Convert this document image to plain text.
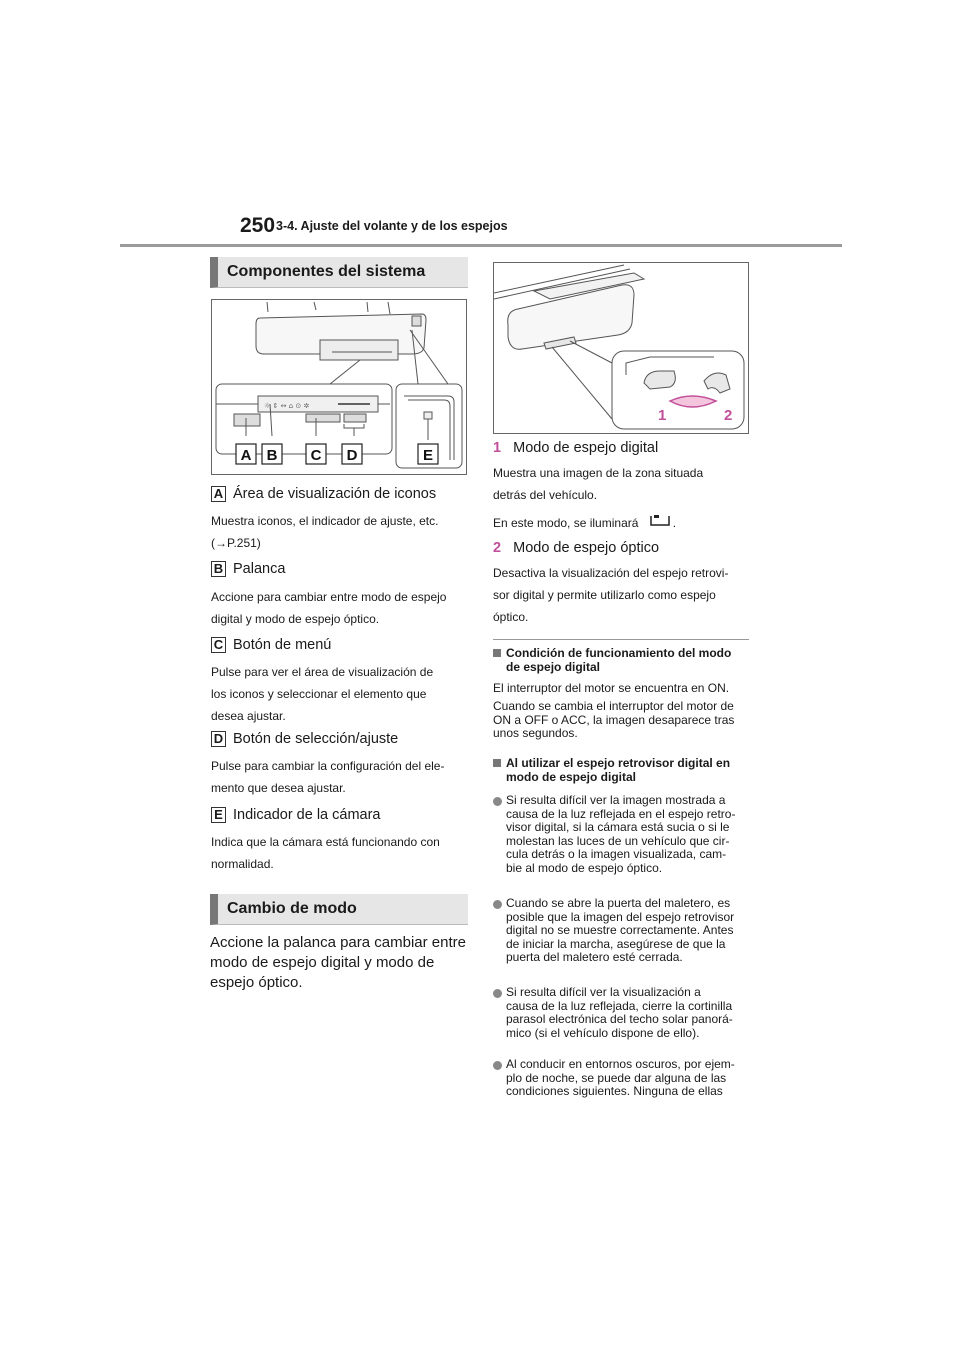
250 3-4. Ajuste del volante y de los espejos
Componentes del sistema
☼ ⇕ ↔ ⌂ ⊙ ✲
A B C D	E
A Área de visualización de iconos
Muestra iconos, el indicador de ajuste, etc.
(→P.251)
B Palanca
Accione para cambiar entre modo de espejo
digital y modo de espejo óptico.
C Botón de menú
Pulse para ver el área de visualización de
los iconos y seleccionar el elemento que
desea ajustar.
D Botón de selección/ajuste
Pulse para cambiar la configuración del ele-
mento que desea ajustar.
E Indicador de la cámara
Indica que la cámara está funcionando con
normalidad.
Cambio de modo
Accione la palanca para cambiar entre
modo de espejo digital y modo de
espejo óptico.
1	2
1 Modo de espejo digital
Muestra una imagen de la zona situada
detrás del vehículo.
En este modo, se iluminará	.
2 Modo de espejo óptico
Desactiva la visualización del espejo retrovi-
sor digital y permite utilizarlo como espejo
óptico.
Condición de funcionamiento del modo
de espejo digital
El interruptor del motor se encuentra en ON.
Cuando se cambia el interruptor del motor de
ON a OFF o ACC, la imagen desaparece tras
unos segundos.
Al utilizar el espejo retrovisor digital en
modo de espejo digital
Si resulta difícil ver la imagen mostrada a
causa de la luz reflejada en el espejo retro-
visor digital, si la cámara está sucia o si le
molestan las luces de un vehículo que cir-
cula detrás o la imagen visualizada, cam-
bie al modo de espejo óptico.
Cuando se abre la puerta del maletero, es
posible que la imagen del espejo retrovisor
digital no se muestre correctamente. Antes
de iniciar la marcha, asegúrese de que la
puerta del maletero esté cerrada.
Si resulta difícil ver la visualización a
causa de la luz reflejada, cierre la cortinilla
parasol electrónica del techo solar panorá-
mico (si el vehículo dispone de ello).
Al conducir en entornos oscuros, por ejem-
plo de noche, se puede dar alguna de las
condiciones siguientes. Ninguna de ellas
